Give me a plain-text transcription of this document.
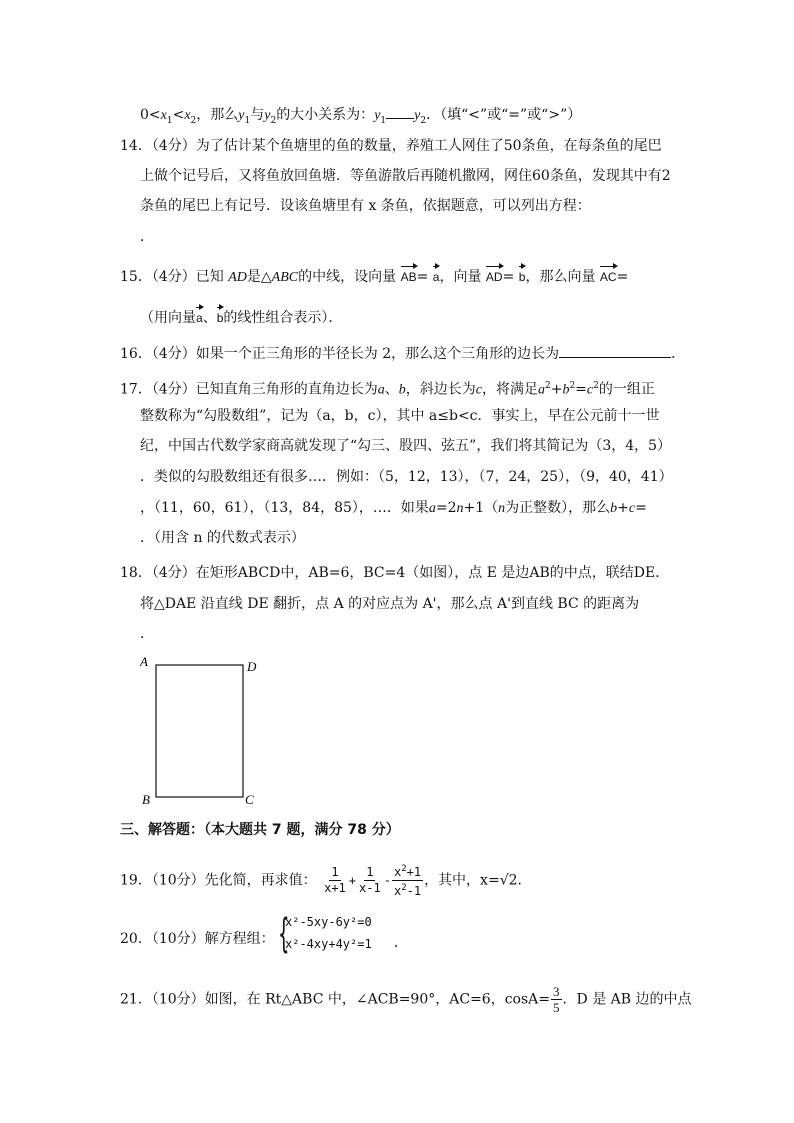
$0<x_1<x_2$，那么$y_1$与$y_2$的大小关系为：$y_1$ $y_2$．（填“<”或“=”或“>”）
14．（4分）为了估计某个鱼塘里的鱼的数量，养殖工人网住了50条鱼，在每条鱼的尾巴
上做个记号后，又将鱼放回鱼塘．等鱼游散后再随机撒网，网住60条鱼，发现其中有2
条鱼的尾巴上有记号．设该鱼塘里有 x 条鱼，依据题意，可以列出方程：
．
15．（4分）已知 AD是△ABC的中线，设向量 AB= a，向量 AD= b，那么向量 AC=
（用向量a、b的线性组合表示）．
16．（4分）如果一个正三角形的半径长为 2，那么这个三角形的边长为	．
17．（4分）已知直角三角形的直角边长为a、b，斜边长为c，将满足$a^2+b^2=c^2$的一组正
整数称为“勾股数组”，记为（a，b，c），其中 a≤b<c．事实上，早在公元前十一世
纪，中国古代数学家商高就发现了“勾三、股四、弦五”，我们将其简记为（3，4，5）
．类似的勾股数组还有很多…．例如：（5，12，13），（7，24，25），（9，40，41）
，（11，60，61），（13，84，85），…．如果a=2n+1（n为正整数），那么b+c=
．（用含 n 的代数式表示）
18．（4分）在矩形ABCD中，AB=6，BC=4（如图），点 E 是边AB的中点，联结DE．
将△DAE 沿直线 DE 翻折，点 A 的对应点为 A'，那么点 A'到直线 BC 的距离为
．
A	D
B	C
三、解答题：（本大题共 7 题，满分 78 分）
19．（10分）先化简，再求值： $\frac{1}{x+1} + \frac{1}{x-1} - \frac{x^2+1}{x^2-1}$ ，其中，x=√2．
20．（10分）解方程组： {
x²-5xy-6y²=0
x²-4xy+4y²=1 ．
21．（10分）如图，在 Rt△ABC 中，∠ACB=90°，AC=6，$\cos A= \frac{3}{5}$ ．D 是 AB 边的中点
